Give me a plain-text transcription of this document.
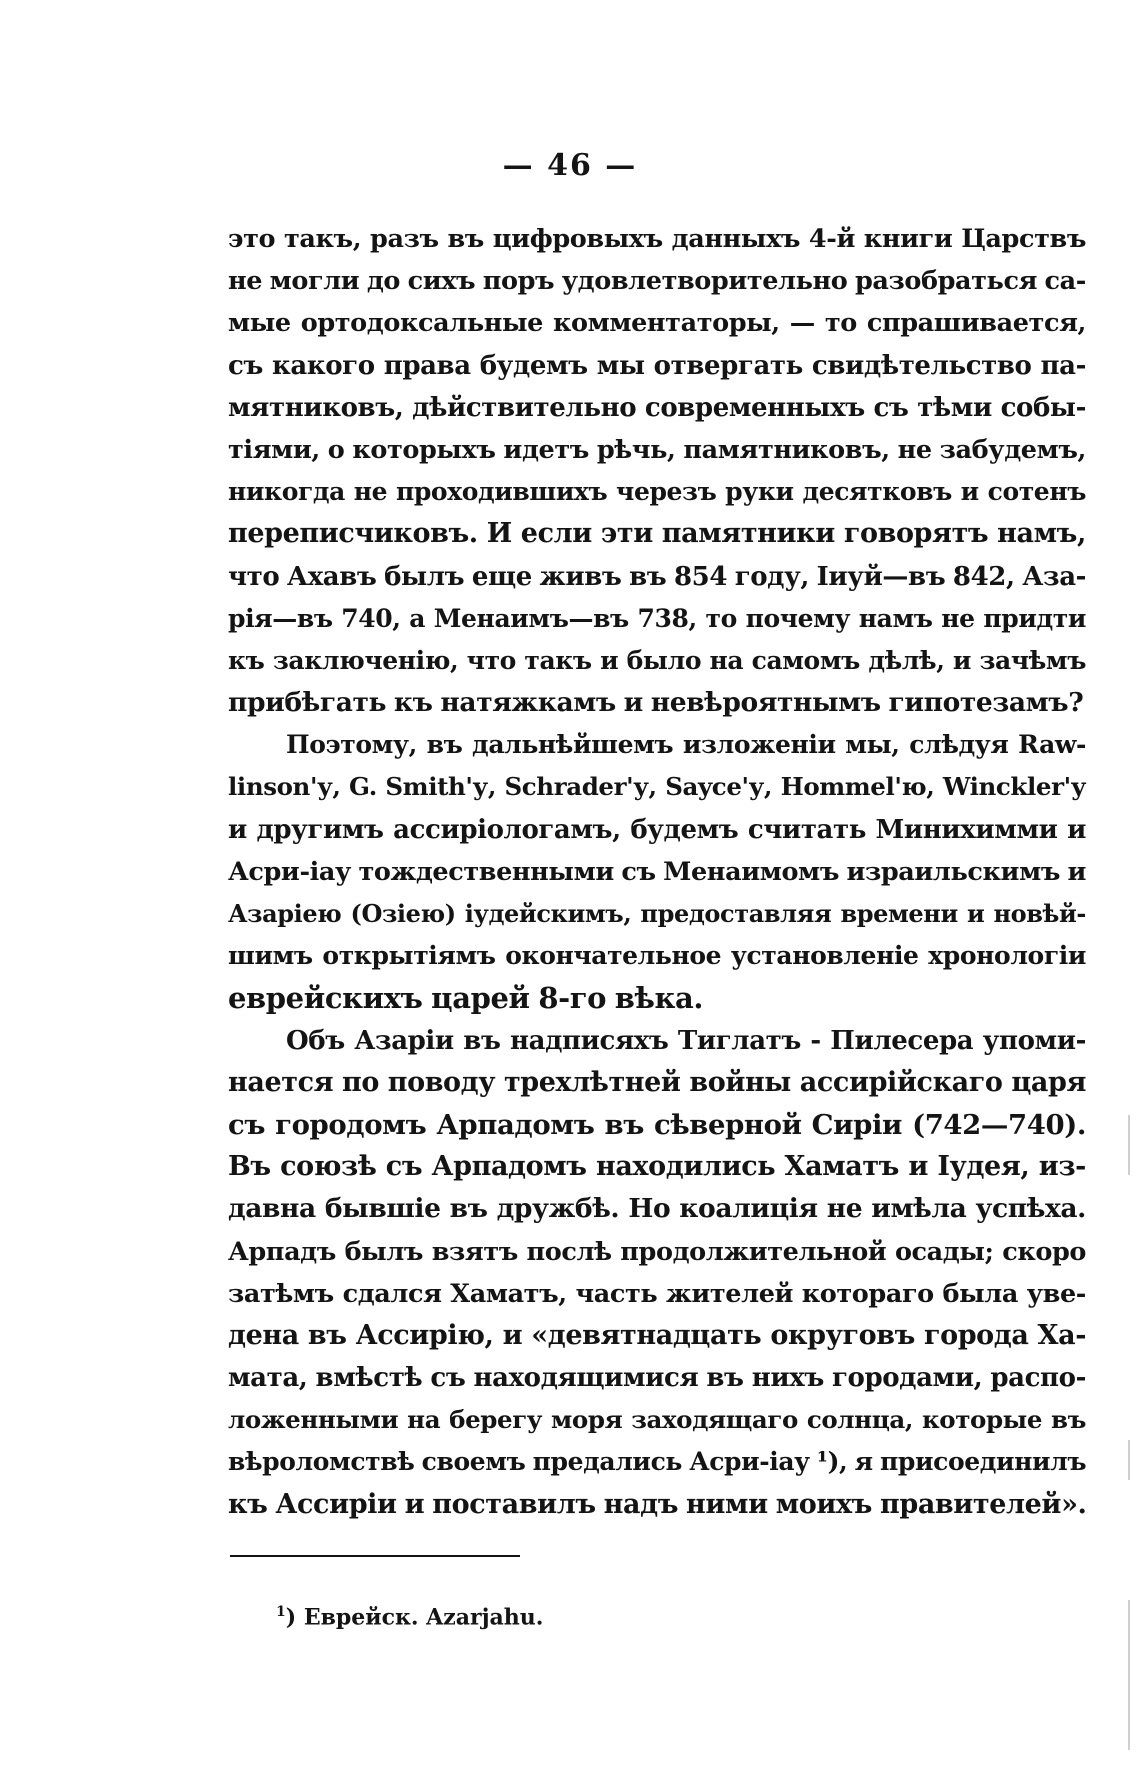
— 46 —
это такъ, разъ въ цифровыхъ данныхъ 4-й книги Царствъ
не могли до сихъ поръ удовлетворительно разобраться са-
мые ортодоксальные комментаторы, — то спрашивается,
съ какого права будемъ мы отвергать свидѣтельство па-
мятниковъ, дѣйствительно современныхъ съ тѣми собы-
тіями, о которыхъ идетъ рѣчь, памятниковъ, не забудемъ,
никогда не проходившихъ черезъ руки десятковъ и сотенъ
переписчиковъ. И если эти памятники говорятъ намъ,
что Ахавъ былъ еще живъ въ 854 году, Іиуй—въ 842, Аза-
рія—въ 740, а Менаимъ—въ 738, то почему намъ не придти
къ заключенію, что такъ и было на самомъ дѣлѣ, и зачѣмъ
прибѣгать къ натяжкамъ и невѣроятнымъ гипотезамъ?
Поэтому, въ дальнѣйшемъ изложеніи мы, слѣдуя Raw-
linson'у, G. Smith'у, Schrader'у, Sayce'у, Hommel'ю, Winckler'у
и другимъ ассиріологамъ, будемъ считать Минихимми и
Асри-іау тождественными съ Менаимомъ израильскимъ и
Азаріею (Озіею) іудейскимъ, предоставляя времени и новѣй-
шимъ открытіямъ окончательное установленіе хронологіи
еврейскихъ царей 8-го вѣка.
Объ Азаріи въ надписяхъ Тиглатъ - Пилесера упоми-
нается по поводу трехлѣтней войны ассирійскаго царя
съ городомъ Арпадомъ въ сѣверной Сиріи (742—740).
Въ союзѣ съ Арпадомъ находились Хаматъ и Іудея, из-
давна бывшіе въ дружбѣ. Но коалиція не имѣла успѣха.
Арпадъ былъ взятъ послѣ продолжительной осады; скоро
затѣмъ сдался Хаматъ, часть жителей котораго была уве-
дена въ Ассирію, и «девятнадцать округовъ города Ха-
мата, вмѣстѣ съ находящимися въ нихъ городами, распо-
ложенными на берегу моря заходящаго солнца, которые въ
вѣроломствѣ своемъ предались Асри-іау ¹), я присоединилъ
къ Ассиріи и поставилъ надъ ними моихъ правителей».
$^1$) Еврейск. Azarjahu.
